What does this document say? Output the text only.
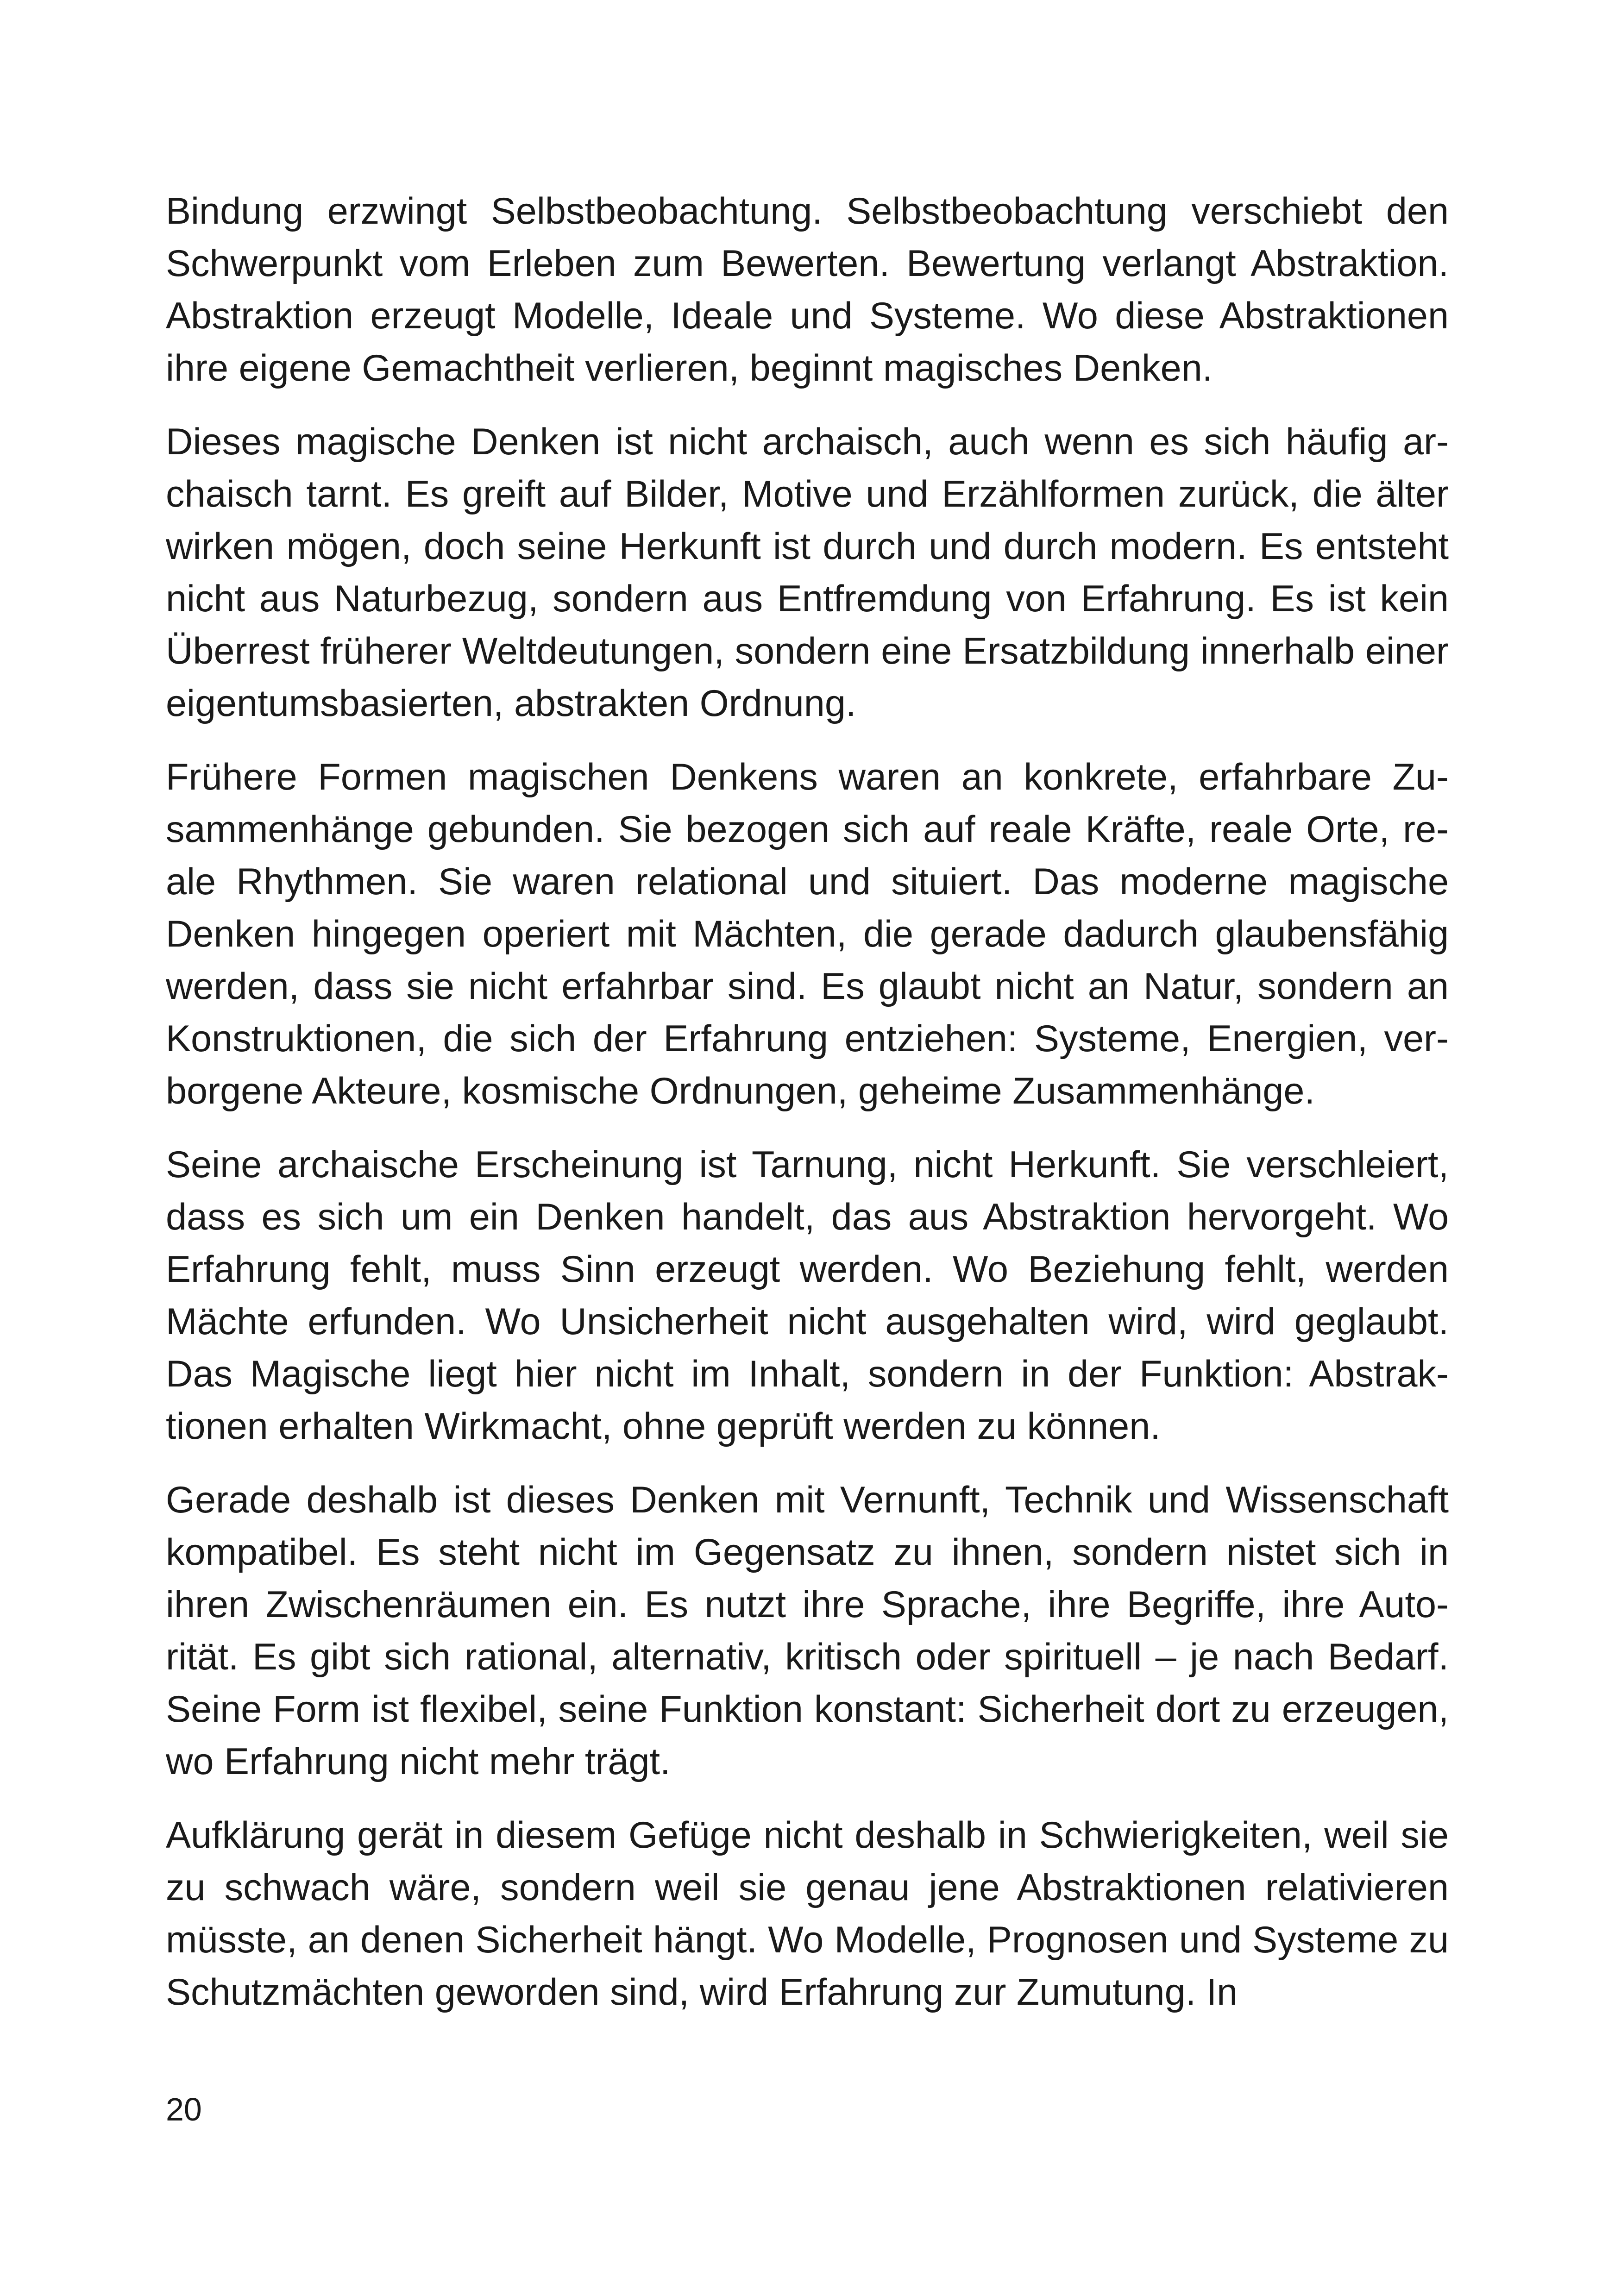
Bindung erzwingt Selbstbeobachtung. Selbstbeobachtung verschiebt den Schwerpunkt vom Erleben zum Bewerten. Bewertung verlangt Abstraktion. Abstraktion erzeugt Modelle, Ideale und Systeme. Wo diese Abstraktionen ihre eigene Gemachtheit verlieren, beginnt magisches Denken.

Dieses magische Denken ist nicht archaisch, auch wenn es sich häufig archaisch tarnt. Es greift auf Bilder, Motive und Erzählformen zurück, die älter wirken mögen, doch seine Herkunft ist durch und durch modern. Es entsteht nicht aus Naturbezug, sondern aus Entfremdung von Erfahrung. Es ist kein Überrest früherer Weltdeutungen, sondern eine Ersatzbildung innerhalb einer eigentumsbasierten, abstrakten Ordnung.

Frühere Formen magischen Denkens waren an konkrete, erfahrbare Zusammenhänge gebunden. Sie bezogen sich auf reale Kräfte, reale Orte, reale Rhythmen. Sie waren relational und situiert. Das moderne magische Denken hingegen operiert mit Mächten, die gerade dadurch glaubensfähig werden, dass sie nicht erfahrbar sind. Es glaubt nicht an Natur, sondern an Konstruktionen, die sich der Erfahrung entziehen: Systeme, Energien, verborgene Akteure, kosmische Ordnungen, geheime Zusammenhänge.

Seine archaische Erscheinung ist Tarnung, nicht Herkunft. Sie verschleiert, dass es sich um ein Denken handelt, das aus Abstraktion hervorgeht. Wo Erfahrung fehlt, muss Sinn erzeugt werden. Wo Beziehung fehlt, werden Mächte erfunden. Wo Unsicherheit nicht ausgehalten wird, wird geglaubt. Das Magische liegt hier nicht im Inhalt, sondern in der Funktion: Abstraktionen erhalten Wirkmacht, ohne geprüft werden zu können.

Gerade deshalb ist dieses Denken mit Vernunft, Technik und Wissenschaft kompatibel. Es steht nicht im Gegensatz zu ihnen, sondern nistet sich in ihren Zwischenräumen ein. Es nutzt ihre Sprache, ihre Begriffe, ihre Autorität. Es gibt sich rational, alternativ, kritisch oder spirituell – je nach Bedarf. Seine Form ist flexibel, seine Funktion konstant: Sicherheit dort zu erzeugen, wo Erfahrung nicht mehr trägt.

Aufklärung gerät in diesem Gefüge nicht deshalb in Schwierigkeiten, weil sie zu schwach wäre, sondern weil sie genau jene Abstraktionen relativieren müsste, an denen Sicherheit hängt. Wo Modelle, Prognosen und Systeme zu Schutzmächten geworden sind, wird Erfahrung zur Zumutung. In

20
